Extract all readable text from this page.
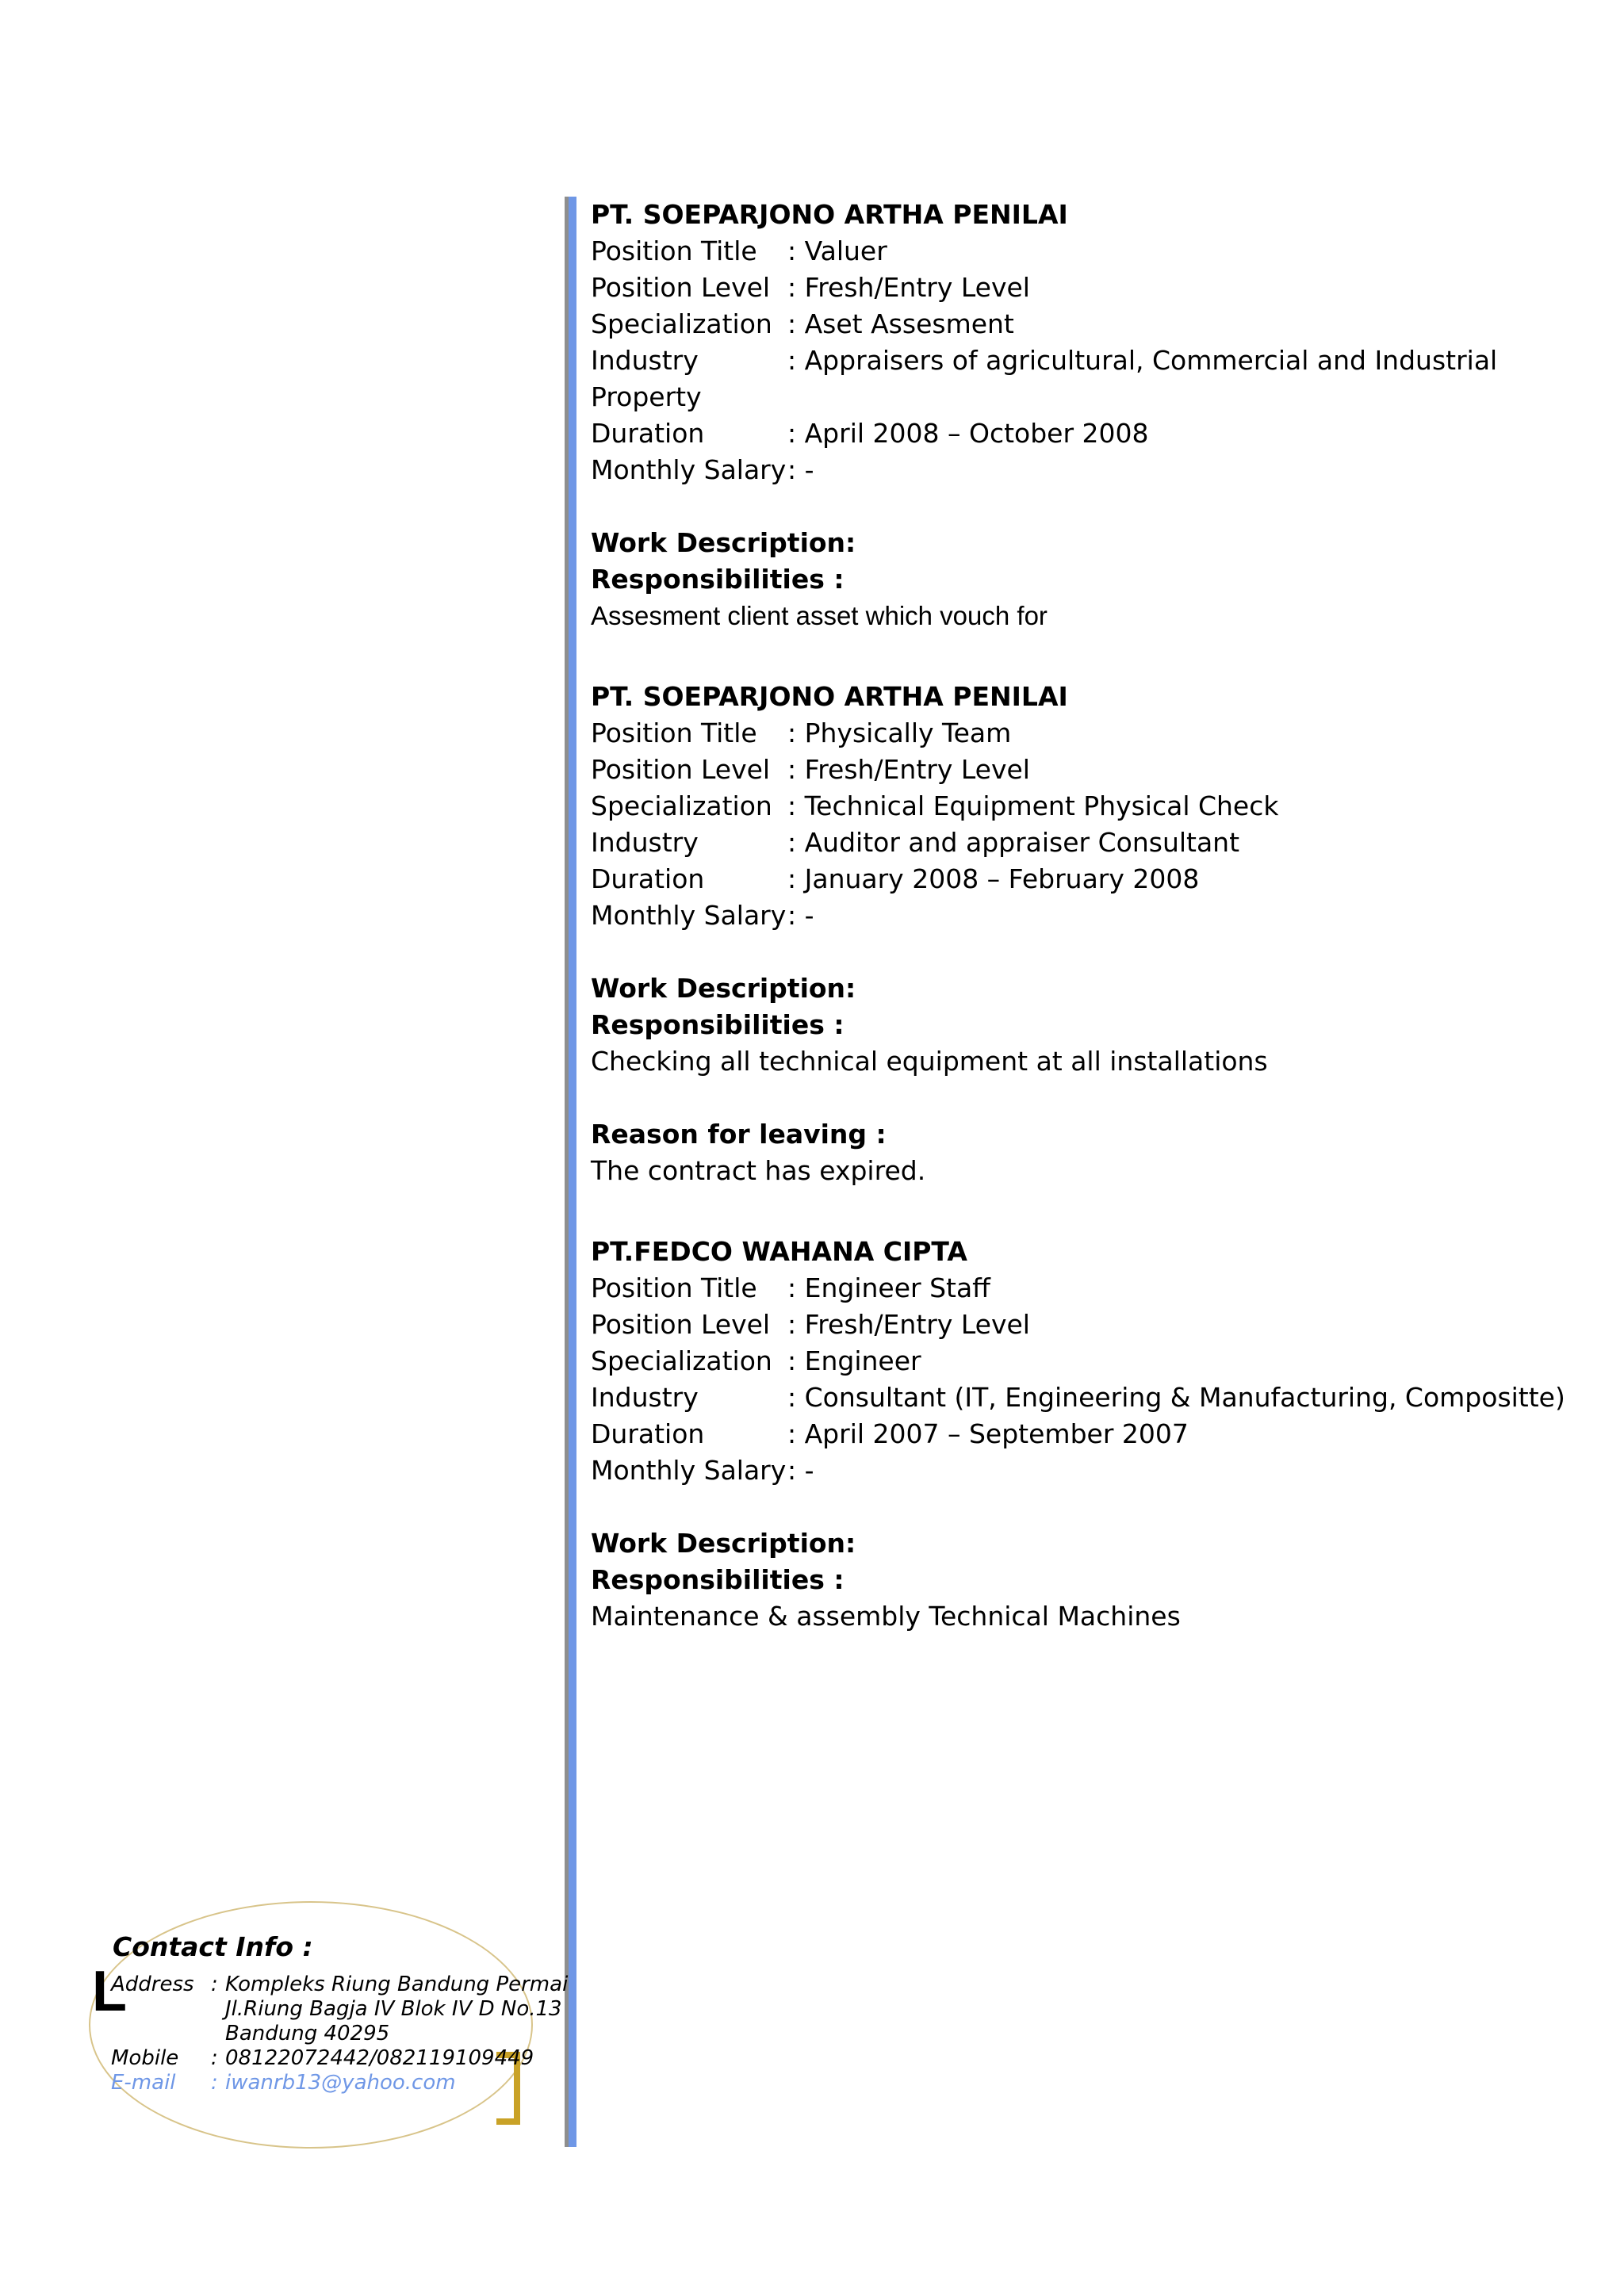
PT. SOEPARJONO ARTHA PENILAI
Position Title : Valuer
Position Level : Fresh/Entry Level
Specialization : Aset Assesment
Industry	: Appraisers of agricultural, Commercial and Industrial
Property
Duration	: April 2008 – October 2008
Monthly Salary: -
Work Description:
Responsibilities :
Assesment client asset which vouch for
PT. SOEPARJONO ARTHA PENILAI
Position Title : Physically Team
Position Level : Fresh/Entry Level
Specialization : Technical Equipment Physical Check
Industry	: Auditor and appraiser Consultant
Duration	: January 2008 – February 2008
Monthly Salary: -
Work Description:
Responsibilities :
Checking all technical equipment at all installations
Reason for leaving :
The contract has expired.
PT.FEDCO WAHANA CIPTA
Position Title : Engineer Staff
Position Level : Fresh/Entry Level
Specialization : Engineer
Industry	: Consultant (IT, Engineering & Manufacturing, Compositte)
Duration	: April 2007 – September 2007
Monthly Salary: -
Work Description:
Responsibilities :
Maintenance & assembly Technical Machines
L
Contact Info :
Address : Kompleks Riung Bandung Permai
Jl.Riung Bagja IV Blok IV D No.13
Bandung 40295
Mobile : 08122072442/082119109449
E-mail : iwanrb13@yahoo.com
